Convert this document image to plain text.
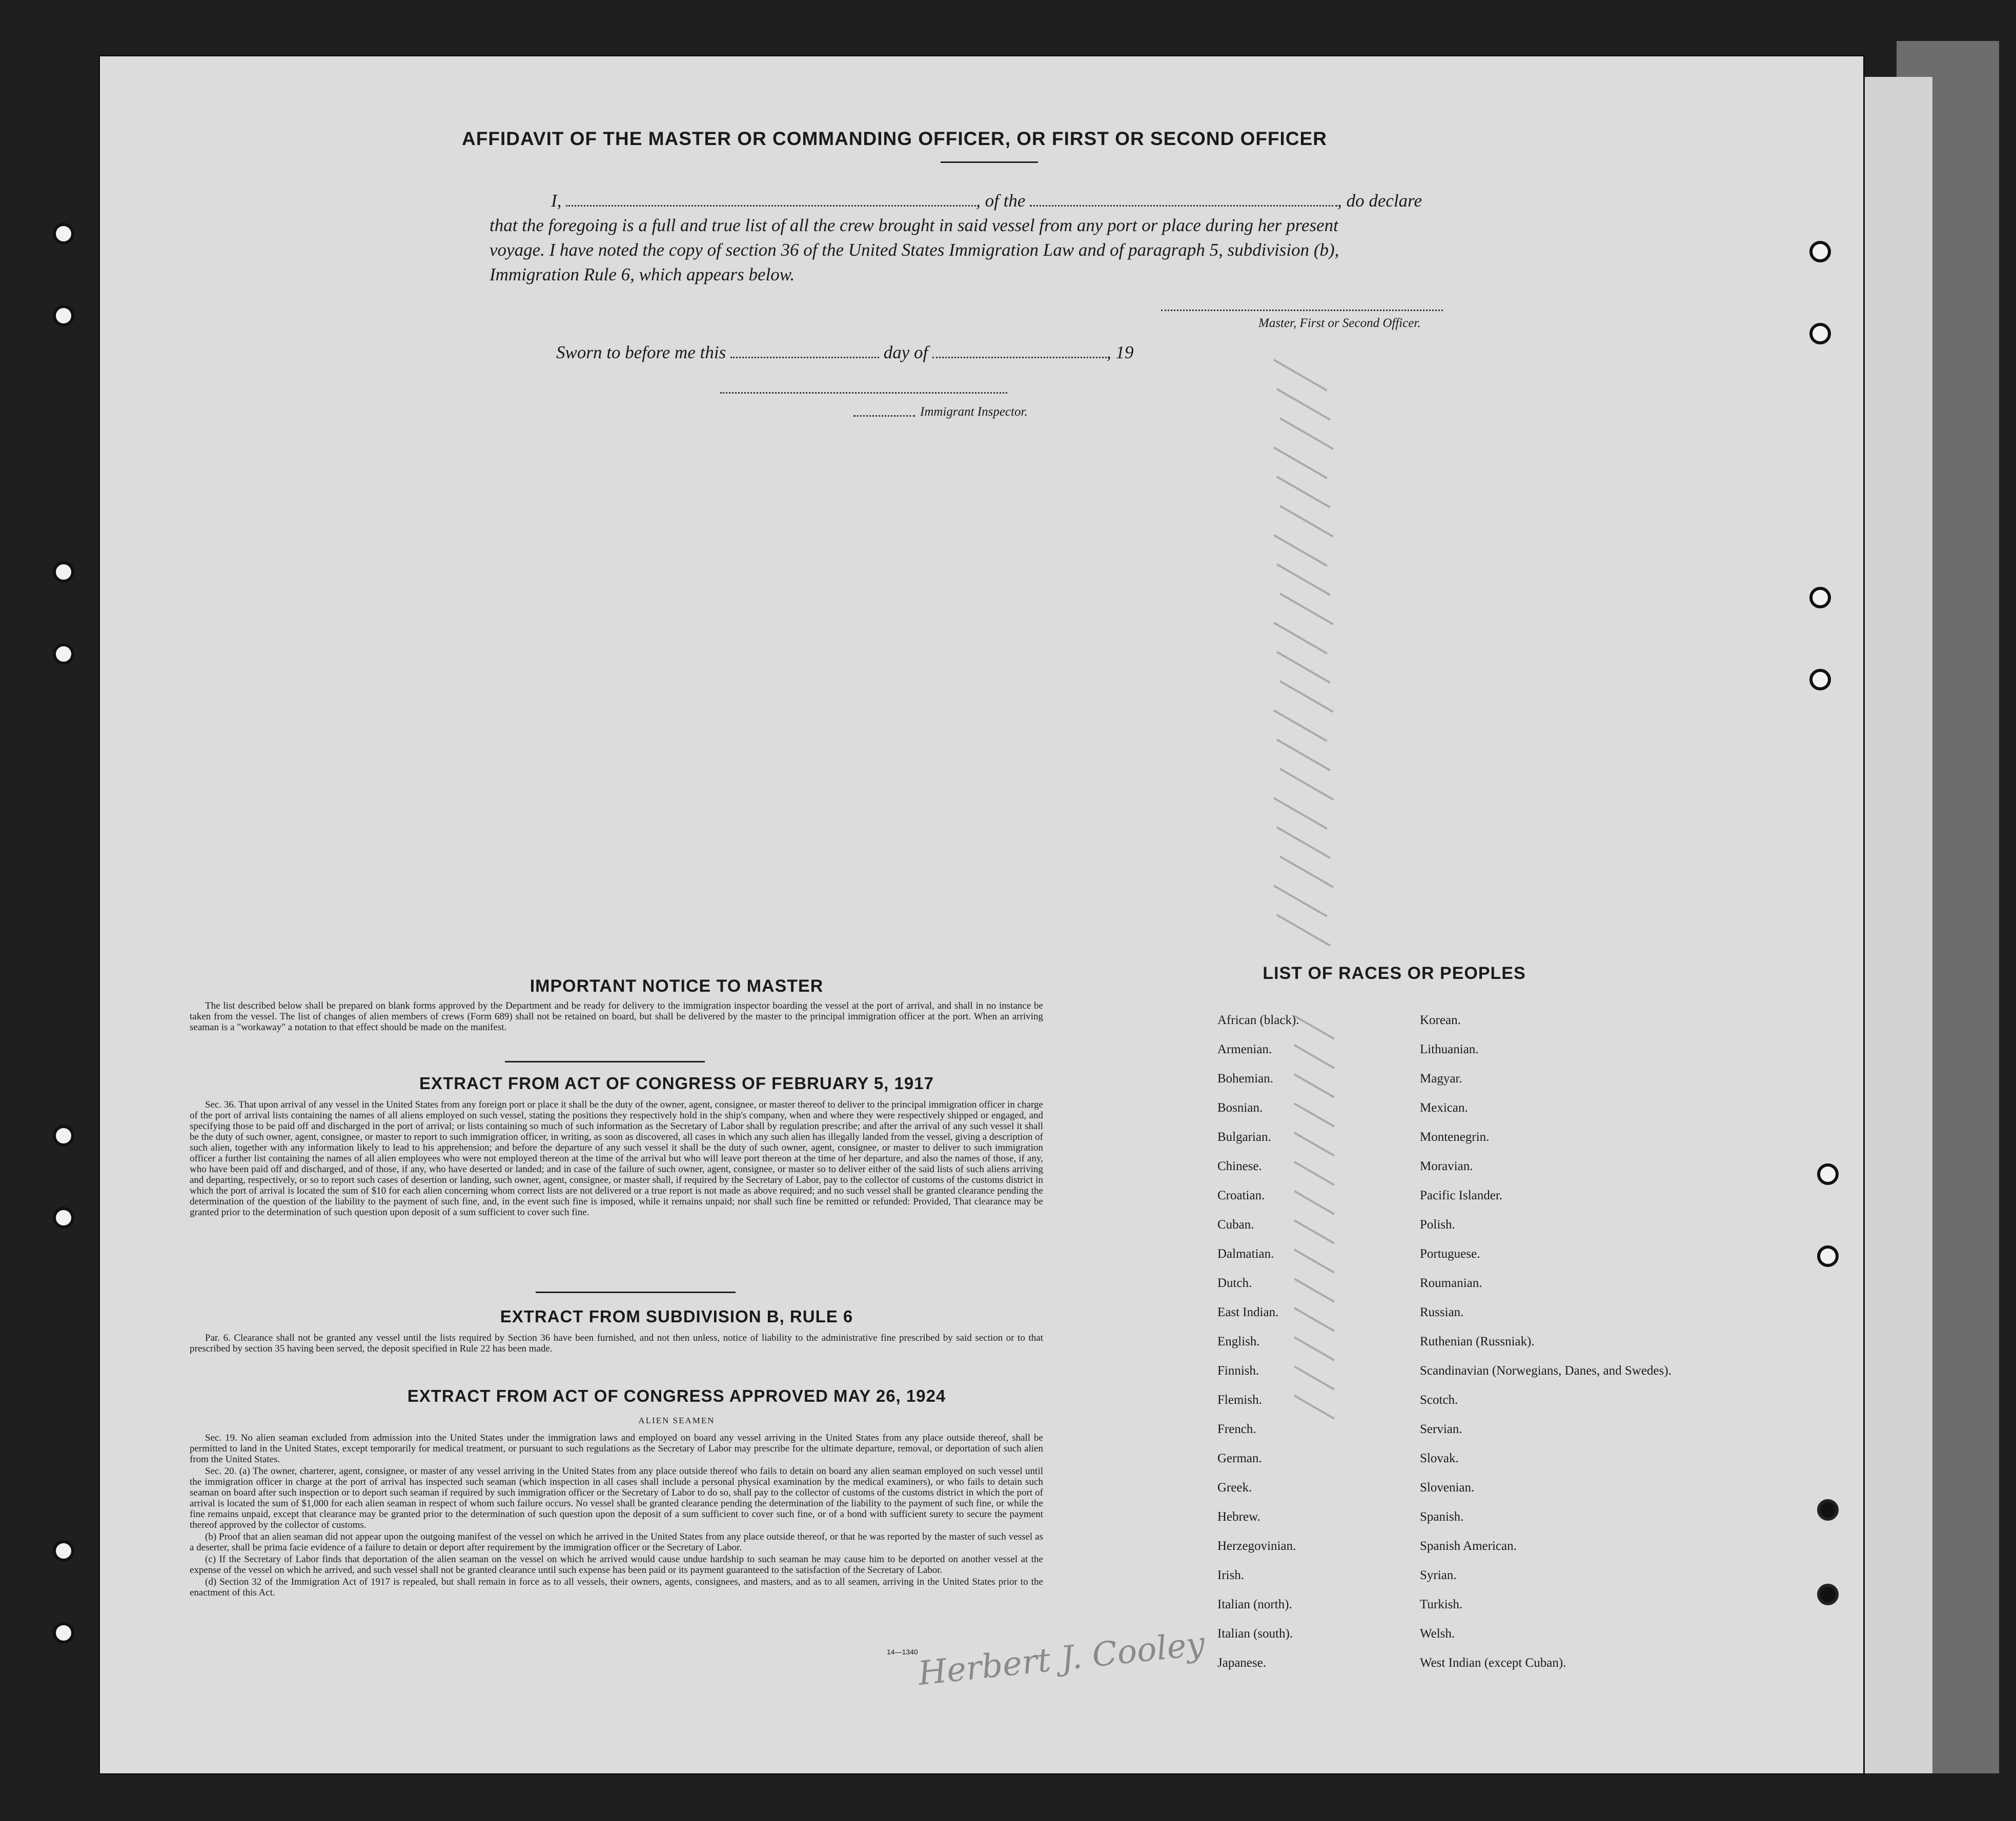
AFFIDAVIT OF THE MASTER OR COMMANDING OFFICER, OR FIRST OR SECOND OFFICER
I,	, of the	, do declare
that the foregoing is a full and true list of all the crew brought in said vessel from any port or place during her present
voyage. I have noted the copy of section 36 of the United States Immigration Law and of paragraph 5, subdivision (b),
Immigration Rule 6, which appears below.
Master, First or Second Officer.
Sworn to before me this	day of	, 19
Immigrant Inspector.
IMPORTANT NOTICE TO MASTER

The list described below shall be prepared on blank forms approved by the Department and be ready for delivery to the immigration inspector boarding the vessel at the port of arrival, and shall in no instance be taken from the vessel. The list of changes of alien members of crews (Form 689) shall not be retained on board, but shall be delivered by the master to the principal immigration officer at the port. When an arriving seaman is a "workaway" a notation to that effect should be made on the manifest.

EXTRACT FROM ACT OF CONGRESS OF FEBRUARY 5, 1917

Sec. 36. That upon arrival of any vessel in the United States from any foreign port or place it shall be the duty of the owner, agent, consignee, or master thereof to deliver to the principal immigration officer in charge of the port of arrival lists containing the names of all aliens employed on such vessel, stating the positions they respectively hold in the ship's company, when and where they were respectively shipped or engaged, and specifying those to be paid off and discharged in the port of arrival; or lists containing so much of such information as the Secretary of Labor shall by regulation prescribe; and after the arrival of any such vessel it shall be the duty of such owner, agent, consignee, or master to report to such immigration officer, in writing, as soon as discovered, all cases in which any such alien has illegally landed from the vessel, giving a description of such alien, together with any information likely to lead to his apprehension; and before the departure of any such vessel it shall be the duty of such owner, agent, consignee, or master to deliver to such immigration officer a further list containing the names of all alien employees who were not employed thereon at the time of the arrival but who will leave port thereon at the time of her departure, and also the names of those, if any, who have been paid off and discharged, and of those, if any, who have deserted or landed; and in case of the failure of such owner, agent, consignee, or master so to deliver either of the said lists of such aliens arriving and departing, respectively, or so to report such cases of desertion or landing, such owner, agent, consignee, or master shall, if required by the Secretary of Labor, pay to the collector of customs of the customs district in which the port of arrival is located the sum of $10 for each alien concerning whom correct lists are not delivered or a true report is not made as above required; and no such vessel shall be granted clearance pending the determination of the question of the liability to the payment of such fine, and, in the event such fine is imposed, while it remains unpaid; nor shall such fine be remitted or refunded: Provided, That clearance may be granted prior to the determination of such question upon deposit of a sum sufficient to cover such fine.

EXTRACT FROM SUBDIVISION B, RULE 6

Par. 6. Clearance shall not be granted any vessel until the lists required by Section 36 have been furnished, and not then unless, notice of liability to the administrative fine prescribed by said section or to that prescribed by section 35 having been served, the deposit specified in Rule 22 has been made.

EXTRACT FROM ACT OF CONGRESS APPROVED MAY 26, 1924
ALIEN SEAMEN

Sec. 19. No alien seaman excluded from admission into the United States under the immigration laws and employed on board any vessel arriving in the United States from any place outside thereof, shall be permitted to land in the United States, except temporarily for medical treatment, or pursuant to such regulations as the Secretary of Labor may prescribe for the ultimate departure, removal, or deportation of such alien from the United States.

Sec. 20. (a) The owner, charterer, agent, consignee, or master of any vessel arriving in the United States from any place outside thereof who fails to detain on board any alien seaman employed on such vessel until the immigration officer in charge at the port of arrival has inspected such seaman (which inspection in all cases shall include a personal physical examination by the medical examiners), or who fails to detain such seaman on board after such inspection or to deport such seaman if required by such immigration officer or the Secretary of Labor to do so, shall pay to the collector of customs of the customs district in which the port of arrival is located the sum of $1,000 for each alien seaman in respect of whom such failure occurs. No vessel shall be granted clearance pending the determination of the liability to the payment of such fine, or while the fine remains unpaid, except that clearance may be granted prior to the determination of such question upon the deposit of a sum sufficient to cover such fine, or of a bond with sufficient surety to secure the payment thereof approved by the collector of customs.

(b) Proof that an alien seaman did not appear upon the outgoing manifest of the vessel on which he arrived in the United States from any place outside thereof, or that he was reported by the master of such vessel as a deserter, shall be prima facie evidence of a failure to detain or deport after requirement by the immigration officer or the Secretary of Labor.

(c) If the Secretary of Labor finds that deportation of the alien seaman on the vessel on which he arrived would cause undue hardship to such seaman he may cause him to be deported on another vessel at the expense of the vessel on which he arrived, and such vessel shall not be granted clearance until such expense has been paid or its payment guaranteed to the satisfaction of the Secretary of Labor.

(d) Section 32 of the Immigration Act of 1917 is repealed, but shall remain in force as to all vessels, their owners, agents, consignees, and masters, and as to all seamen, arriving in the United States prior to the enactment of this Act.

14—1340
LIST OF RACES OR PEOPLES
African (black).
Armenian.
Bohemian.
Bosnian.
Bulgarian.
Chinese.
Croatian.
Cuban.
Dalmatian.
Dutch.
East Indian.
English.
Finnish.
Flemish.
French.
German.
Greek.
Hebrew.
Herzegovinian.
Irish.
Italian (north).
Italian (south).
Japanese.
Korean.
Lithuanian.
Magyar.
Mexican.
Montenegrin.
Moravian.
Pacific Islander.
Polish.
Portuguese.
Roumanian.
Russian.
Ruthenian (Russniak).
Scandinavian (Norwegians, Danes, and Swedes).
Scotch.
Servian.
Slovak.
Slovenian.
Spanish.
Spanish American.
Syrian.
Turkish.
Welsh.
West Indian (except Cuban).
Herbert J. Cooley
